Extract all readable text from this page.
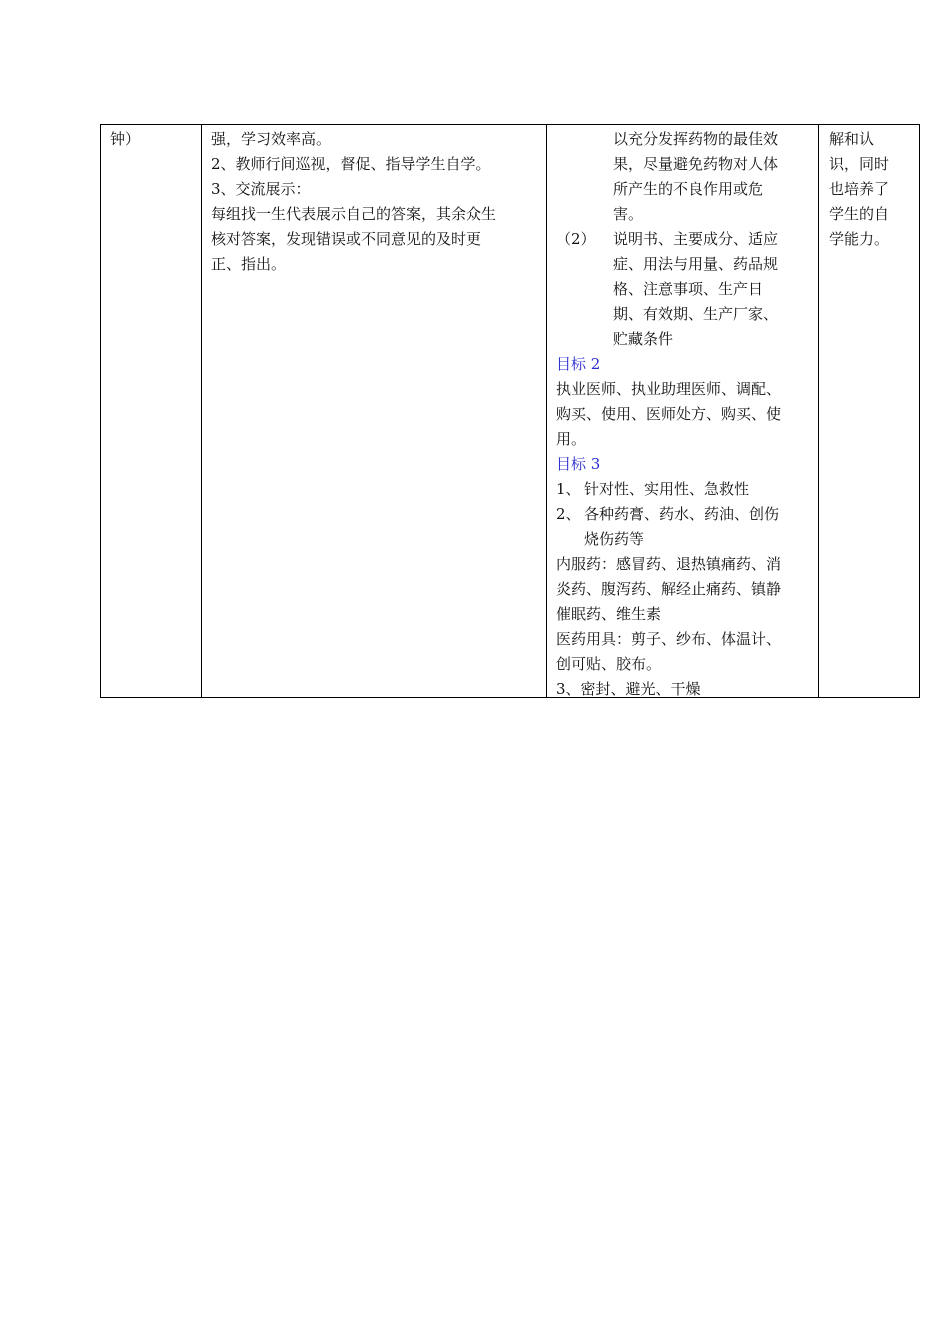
钟）	强，学习效率高。
2、教师行间巡视，督促、指导学生自学。
3、交流展示：
每组找一生代表展示自己的答案，其余众生
核对答案，发现错误或不同意见的及时更
正、指出。
以充分发挥药物的最佳效
果，尽量避免药物对人体
所产生的不良作用或危
害。
（2）	说明书、主要成分、适应
症、用法与用量、药品规
格、注意事项、生产日
期、有效期、生产厂家、
贮藏条件
目标 2
执业医师、执业助理医师、调配、
购买、使用、医师处方、购买、使
用。
目标 3
1、 针对性、实用性、急救性
2、 各种药膏、药水、药油、创伤
烧伤药等
内服药：感冒药、退热镇痛药、消
炎药、腹泻药、解经止痛药、镇静
催眠药、维生素
医药用具：剪子、纱布、体温计、
创可贴、胶布。
3、密封、避光、干燥
解和认
识，同时
也培养了
学生的自
学能力。
